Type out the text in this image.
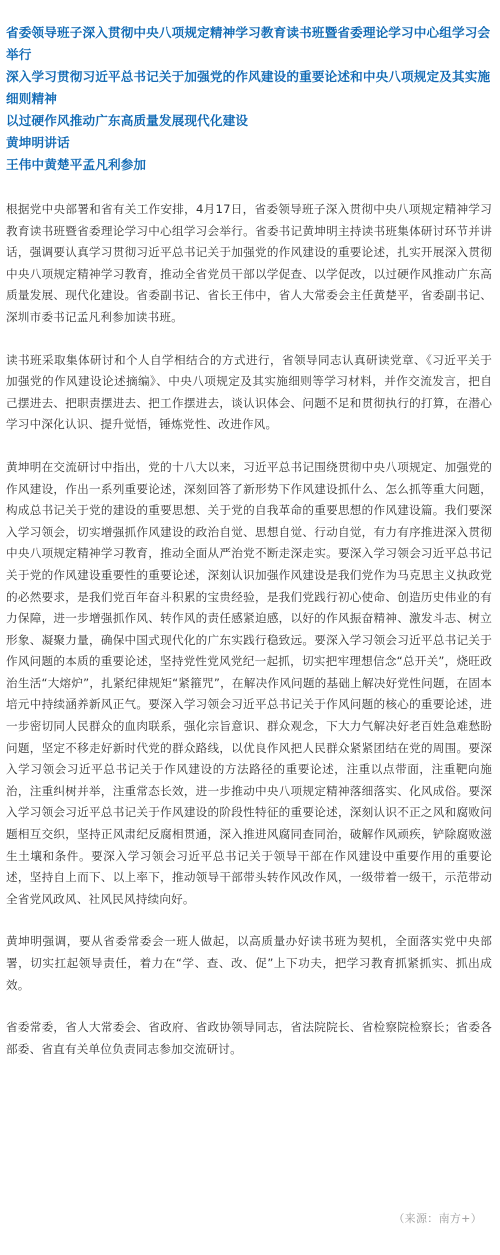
省委领导班子深入贯彻中央八项规定精神学习教育读书班暨省委理论学习中心组学习会举行

深入学习贯彻习近平总书记关于加强党的作风建设的重要论述和中央八项规定及其实施细则精神

以过硬作风推动广东高质量发展现代化建设

黄坤明讲话

王伟中黄楚平孟凡利参加

根据党中央部署和省有关工作安排，4月17日，省委领导班子深入贯彻中央八项规定精神学习教育读书班暨省委理论学习中心组学习会举行。省委书记黄坤明主持读书班集体研讨环节并讲话，强调要认真学习贯彻习近平总书记关于加强党的作风建设的重要论述，扎实开展深入贯彻中央八项规定精神学习教育，推动全省党员干部以学促查、以学促改，以过硬作风推动广东高质量发展、现代化建设。省委副书记、省长王伟中，省人大常委会主任黄楚平，省委副书记、深圳市委书记孟凡利参加读书班。

读书班采取集体研讨和个人自学相结合的方式进行，省领导同志认真研读党章、《习近平关于加强党的作风建设论述摘编》、中央八项规定及其实施细则等学习材料，并作交流发言，把自己摆进去、把职责摆进去、把工作摆进去，谈认识体会、问题不足和贯彻执行的打算，在潜心学习中深化认识、提升觉悟，锤炼党性、改进作风。

黄坤明在交流研讨中指出，党的十八大以来，习近平总书记围绕贯彻中央八项规定、加强党的作风建设，作出一系列重要论述，深刻回答了新形势下作风建设抓什么、怎么抓等重大问题，构成总书记关于党的建设的重要思想、关于党的自我革命的重要思想的作风建设篇。我们要深入学习领会，切实增强抓作风建设的政治自觉、思想自觉、行动自觉，有力有序推进深入贯彻中央八项规定精神学习教育，推动全面从严治党不断走深走实。要深入学习领会习近平总书记关于党的作风建设重要性的重要论述，深刻认识加强作风建设是我们党作为马克思主义执政党的必然要求，是我们党百年奋斗积累的宝贵经验，是我们党践行初心使命、创造历史伟业的有力保障，进一步增强抓作风、转作风的责任感紧迫感，以好的作风振奋精神、激发斗志、树立形象、凝聚力量，确保中国式现代化的广东实践行稳致远。要深入学习领会习近平总书记关于作风问题的本质的重要论述，坚持党性党风党纪一起抓，切实把牢理想信念“总开关”，烧旺政治生活“大熔炉”，扎紧纪律规矩“紧箍咒”，在解决作风问题的基础上解决好党性问题，在固本培元中持续涵养新风正气。要深入学习领会习近平总书记关于作风问题的核心的重要论述，进一步密切同人民群众的血肉联系，强化宗旨意识、群众观念，下大力气解决好老百姓急难愁盼问题，坚定不移走好新时代党的群众路线，以优良作风把人民群众紧紧团结在党的周围。要深入学习领会习近平总书记关于作风建设的方法路径的重要论述，注重以点带面，注重靶向施治，注重纠树并举，注重常态长效，进一步推动中央八项规定精神落细落实、化风成俗。要深入学习领会习近平总书记关于作风建设的阶段性特征的重要论述，深刻认识不正之风和腐败问题相互交织，坚持正风肃纪反腐相贯通，深入推进风腐同查同治，破解作风顽疾，铲除腐败滋生土壤和条件。要深入学习领会习近平总书记关于领导干部在作风建设中重要作用的重要论述，坚持自上而下、以上率下，推动领导干部带头转作风改作风，一级带着一级干，示范带动全省党风政风、社风民风持续向好。

黄坤明强调，要从省委常委会一班人做起，以高质量办好读书班为契机，全面落实党中央部署，切实扛起领导责任，着力在“学、查、改、促”上下功夫，把学习教育抓紧抓实、抓出成效。

省委常委，省人大常委会、省政府、省政协领导同志，省法院院长、省检察院检察长；省委各部委、省直有关单位负责同志参加交流研讨。

（来源：南方+）
